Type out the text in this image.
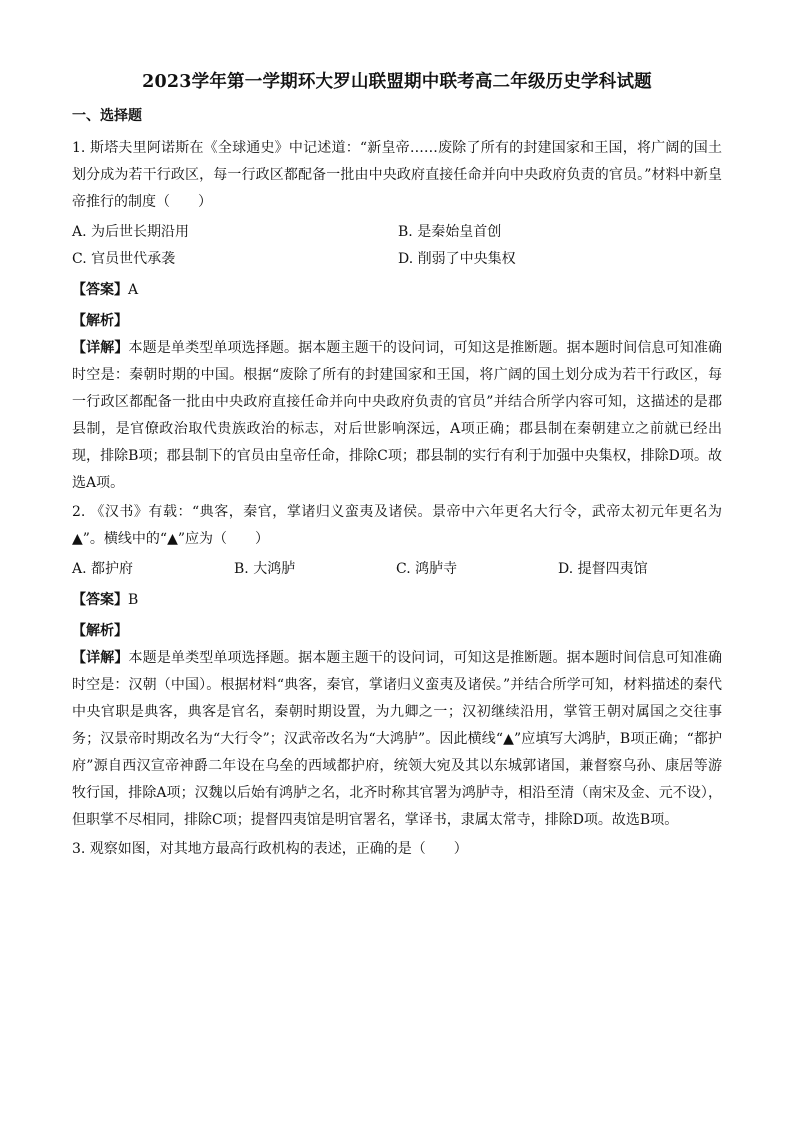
2023学年第一学期环大罗山联盟期中联考高二年级历史学科试题
一、选择题

1. 斯塔夫里阿诺斯在《全球通史》中记述道：“新皇帝……废除了所有的封建国家和王国，将广阔的国土划分成为若干行政区，每一行政区都配备一批由中央政府直接任命并向中央政府负责的官员。”材料中新皇帝推行的制度（　　）

A. 为后世长期沿用	B. 是秦始皇首创
C. 官员世代承袭	D. 削弱了中央集权
【答案】A
【解析】

【详解】本题是单类型单项选择题。据本题主题干的设问词，可知这是推断题。据本题时间信息可知准确时空是：秦朝时期的中国。根据“废除了所有的封建国家和王国，将广阔的国土划分成为若干行政区，每一行政区都配备一批由中央政府直接任命并向中央政府负责的官员”并结合所学内容可知，这描述的是郡县制，是官僚政治取代贵族政治的标志，对后世影响深远，A项正确；郡县制在秦朝建立之前就已经出现，排除B项；郡县制下的官员由皇帝任命，排除C项；郡县制的实行有利于加强中央集权，排除D项。故选A项。

2. 《汉书》有载：“典客，秦官，掌诸归义蛮夷及诸侯。景帝中六年更名大行令，武帝太初元年更名为▲”。横线中的“▲”应为（　　）

A. 都护府	B. 大鸿胪	C. 鸿胪寺	D. 提督四夷馆
【答案】B
【解析】

【详解】本题是单类型单项选择题。据本题主题干的设问词，可知这是推断题。据本题时间信息可知准确时空是：汉朝（中国）。根据材料“典客，秦官，掌诸归义蛮夷及诸侯。”并结合所学可知，材料描述的秦代中央官职是典客，典客是官名，秦朝时期设置，为九卿之一；汉初继续沿用，掌管王朝对属国之交往事务；汉景帝时期改名为“大行令”；汉武帝改名为“大鸿胪”。因此横线“▲”应填写大鸿胪，B项正确；“都护府”源自西汉宣帝神爵二年设在乌垒的西域都护府，统领大宛及其以东城郭诸国，兼督察乌孙、康居等游牧行国，排除A项；汉魏以后始有鸿胪之名，北齐时称其官署为鸿胪寺，相沿至清（南宋及金、元不设），但职掌不尽相同，排除C项；提督四夷馆是明官署名，掌译书，隶属太常寺，排除D项。故选B项。

3. 观察如图，对其地方最高行政机构的表述，正确的是（　　）
